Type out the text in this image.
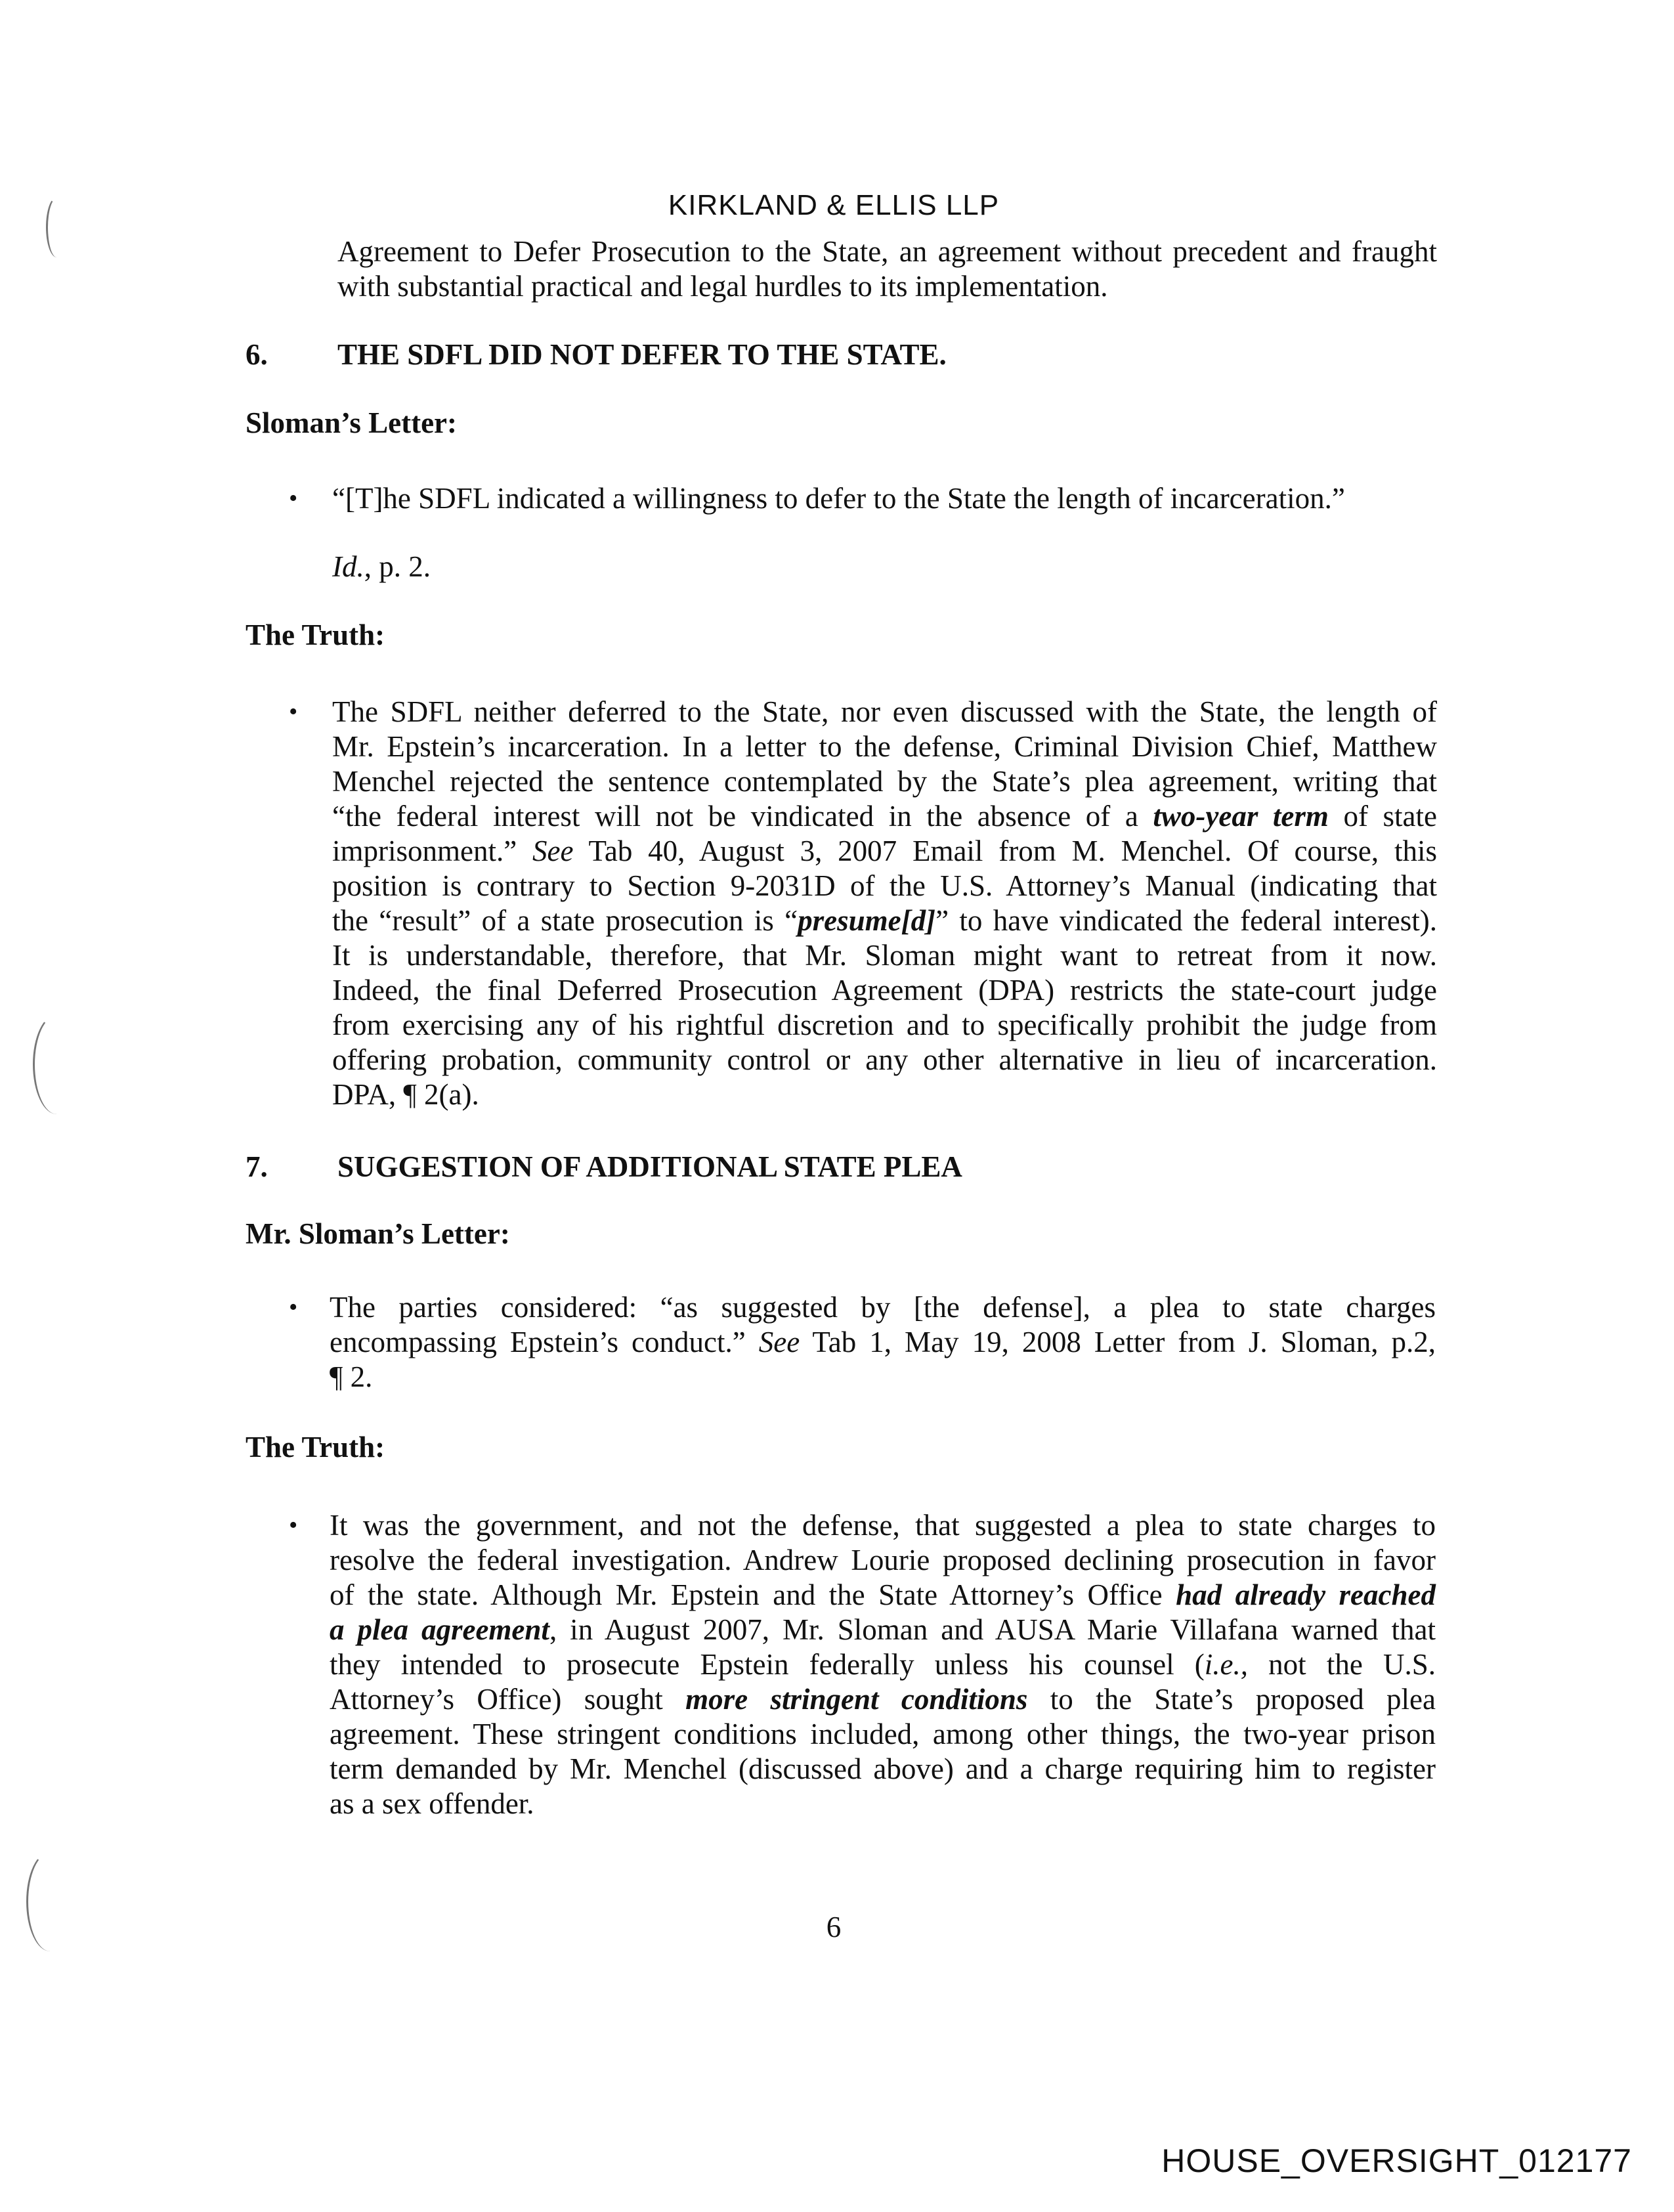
KIRKLAND & ELLIS LLP
Agreement to Defer Prosecution to the State, an agreement without precedent and fraught
with substantial practical and legal hurdles to its implementation.
6. THE SDFL DID NOT DEFER TO THE STATE.
Sloman’s Letter:
• “[T]he SDFL indicated a willingness to defer to the State the length of incarceration.”
Id., p. 2.
The Truth:
• The SDFL neither deferred to the State, nor even discussed with the State, the length of
Mr. Epstein’s incarceration. In a letter to the defense, Criminal Division Chief, Matthew
Menchel rejected the sentence contemplated by the State’s plea agreement, writing that
“the federal interest will not be vindicated in the absence of a two-year term of state
imprisonment.” See Tab 40, August 3, 2007 Email from M. Menchel. Of course, this
position is contrary to Section 9-2031D of the U.S. Attorney’s Manual (indicating that
the “result” of a state prosecution is “presume[d]” to have vindicated the federal interest).
It is understandable, therefore, that Mr. Sloman might want to retreat from it now.
Indeed, the final Deferred Prosecution Agreement (DPA) restricts the state-court judge
from exercising any of his rightful discretion and to specifically prohibit the judge from
offering probation, community control or any other alternative in lieu of incarceration.
DPA, ¶ 2(a).
7. SUGGESTION OF ADDITIONAL STATE PLEA
Mr. Sloman’s Letter:
• The parties considered: “as suggested by [the defense], a plea to state charges
encompassing Epstein’s conduct.” See Tab 1, May 19, 2008 Letter from J. Sloman, p.2,
¶ 2.
The Truth:
• It was the government, and not the defense, that suggested a plea to state charges to
resolve the federal investigation. Andrew Lourie proposed declining prosecution in favor
of the state. Although Mr. Epstein and the State Attorney’s Office had already reached
a plea agreement, in August 2007, Mr. Sloman and AUSA Marie Villafana warned that
they intended to prosecute Epstein federally unless his counsel (i.e., not the U.S.
Attorney’s Office) sought more stringent conditions to the State’s proposed plea
agreement. These stringent conditions included, among other things, the two-year prison
term demanded by Mr. Menchel (discussed above) and a charge requiring him to register
as a sex offender.
6
HOUSE_OVERSIGHT_012177
